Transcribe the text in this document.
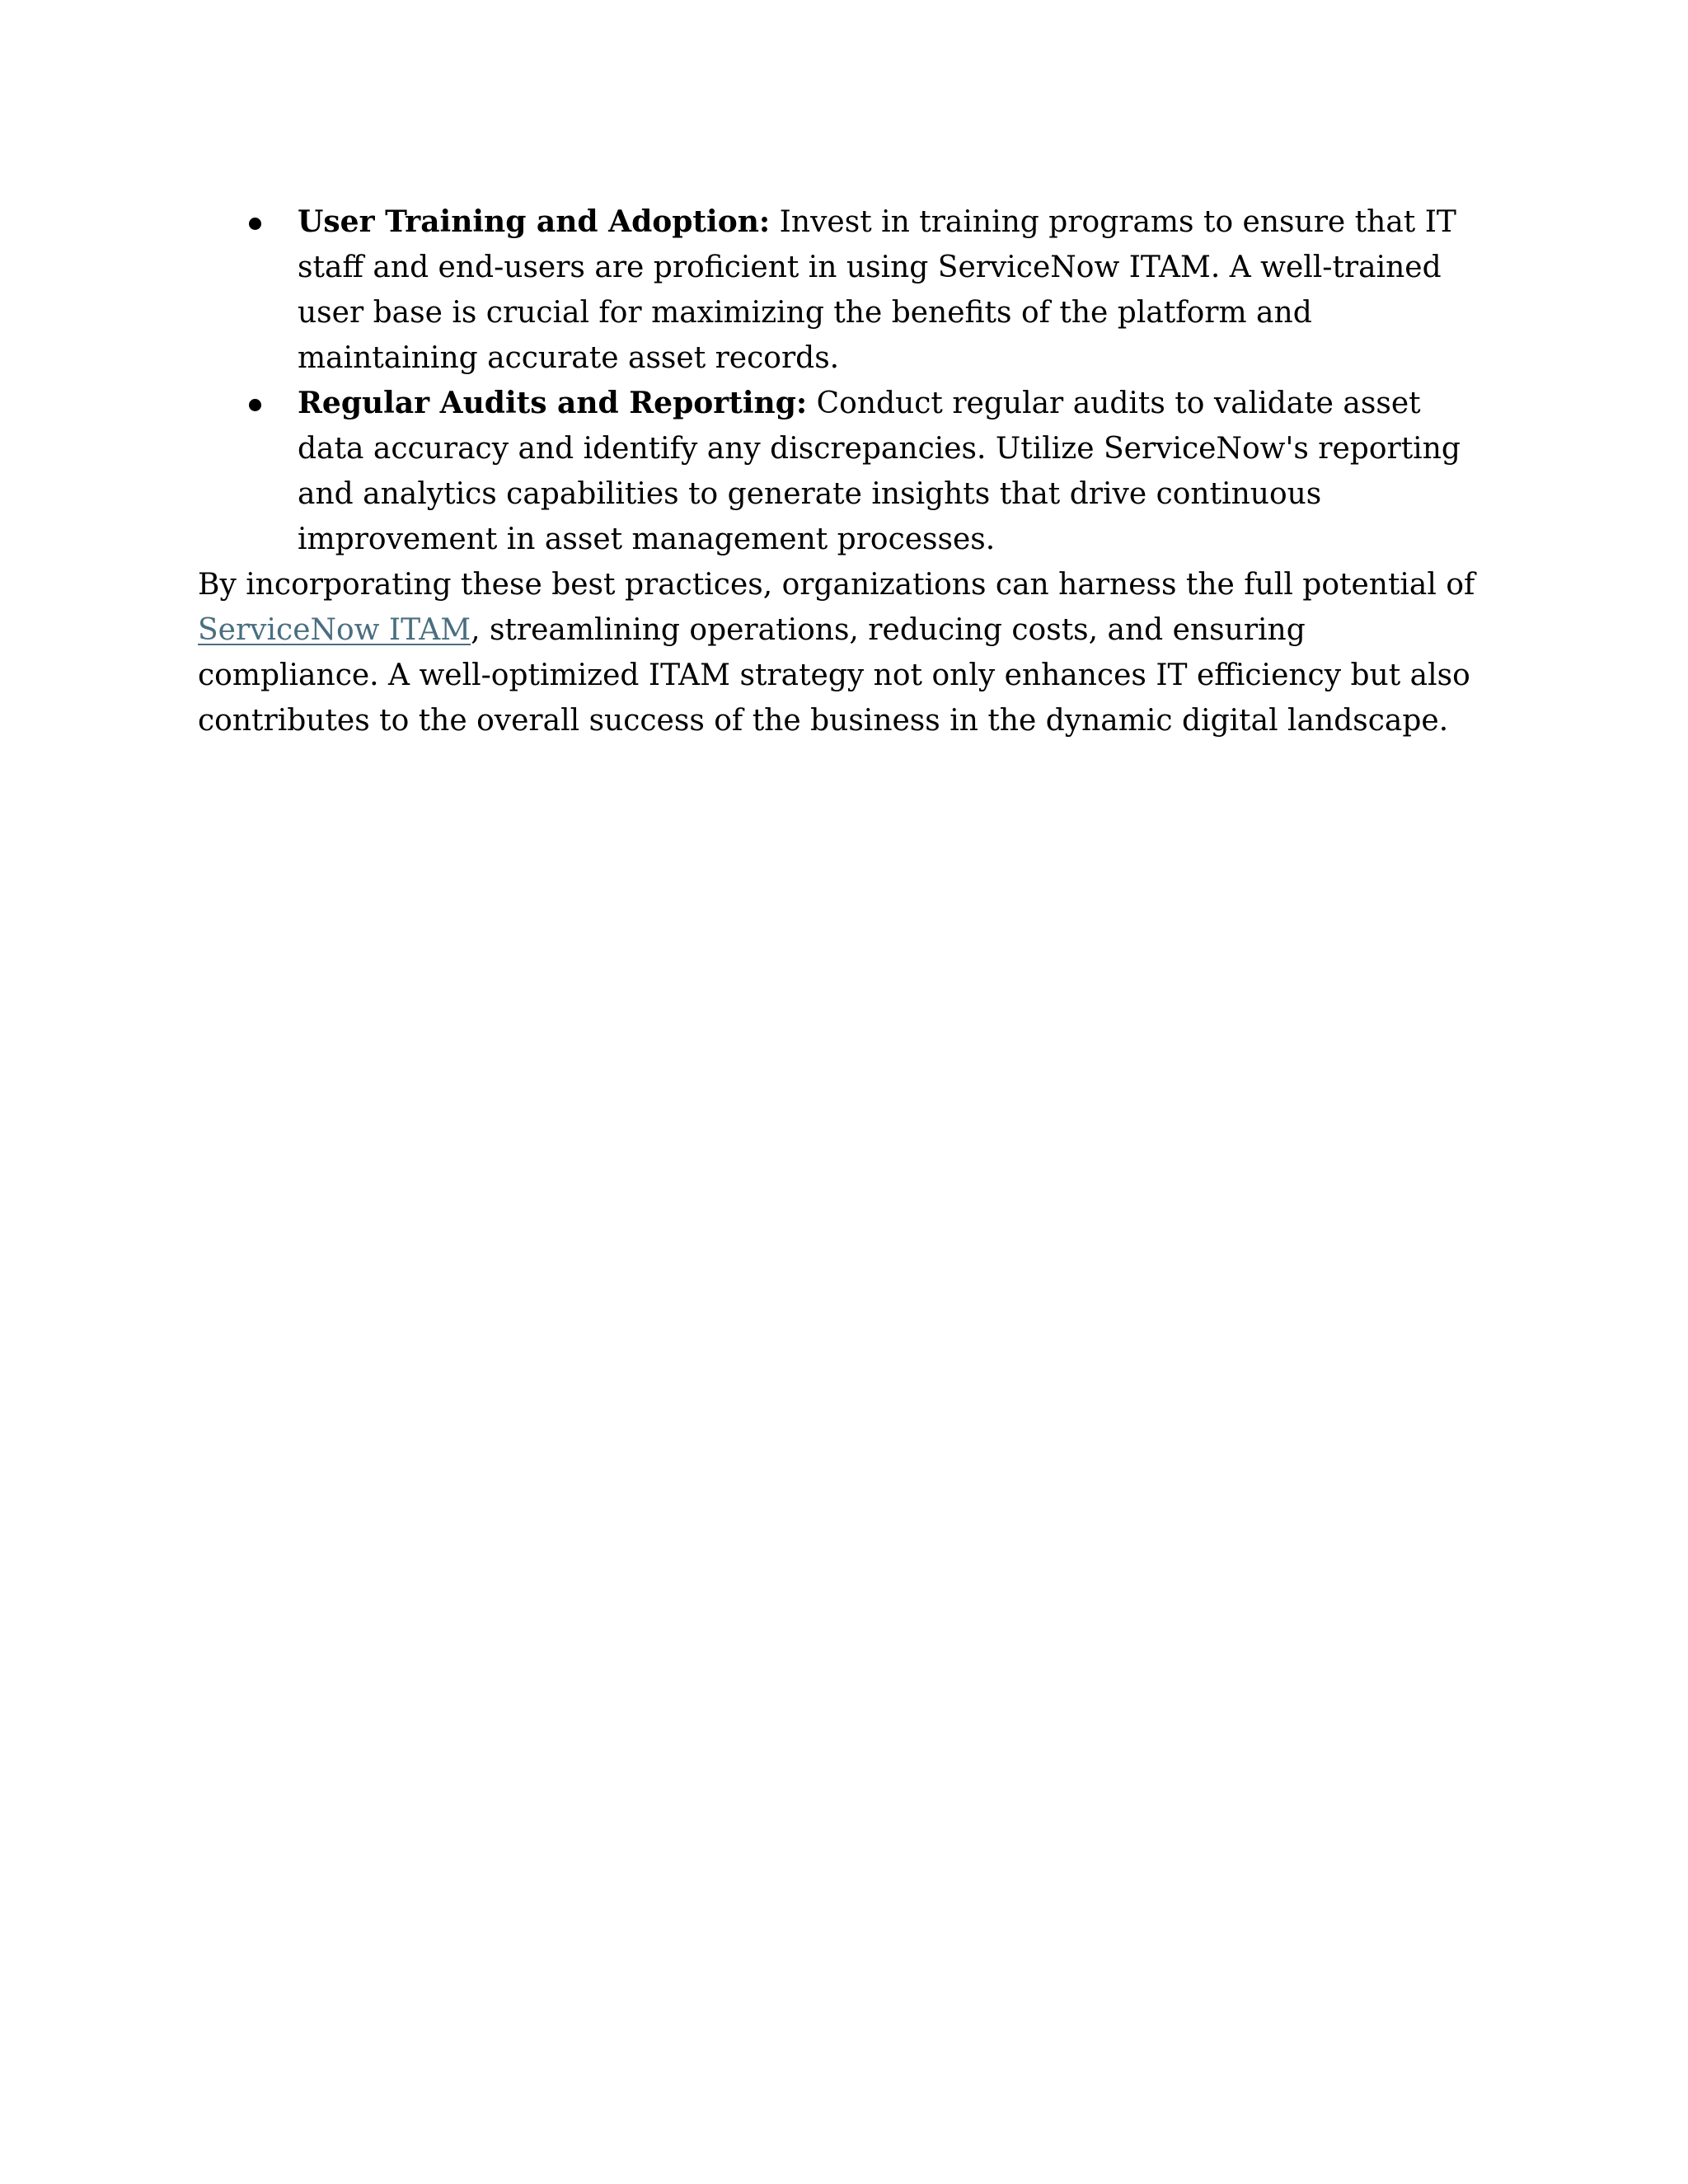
User Training and Adoption: Invest in training programs to ensure that IT staff and end-users are proficient in using ServiceNow ITAM. A well-trained user base is crucial for maximizing the benefits of the platform and maintaining accurate asset records.
Regular Audits and Reporting: Conduct regular audits to validate asset data accuracy and identify any discrepancies. Utilize ServiceNow's reporting and analytics capabilities to generate insights that drive continuous improvement in asset management processes.

By incorporating these best practices, organizations can harness the full potential of ServiceNow ITAM, streamlining operations, reducing costs, and ensuring compliance. A well-optimized ITAM strategy not only enhances IT efficiency but also contributes to the overall success of the business in the dynamic digital landscape.
